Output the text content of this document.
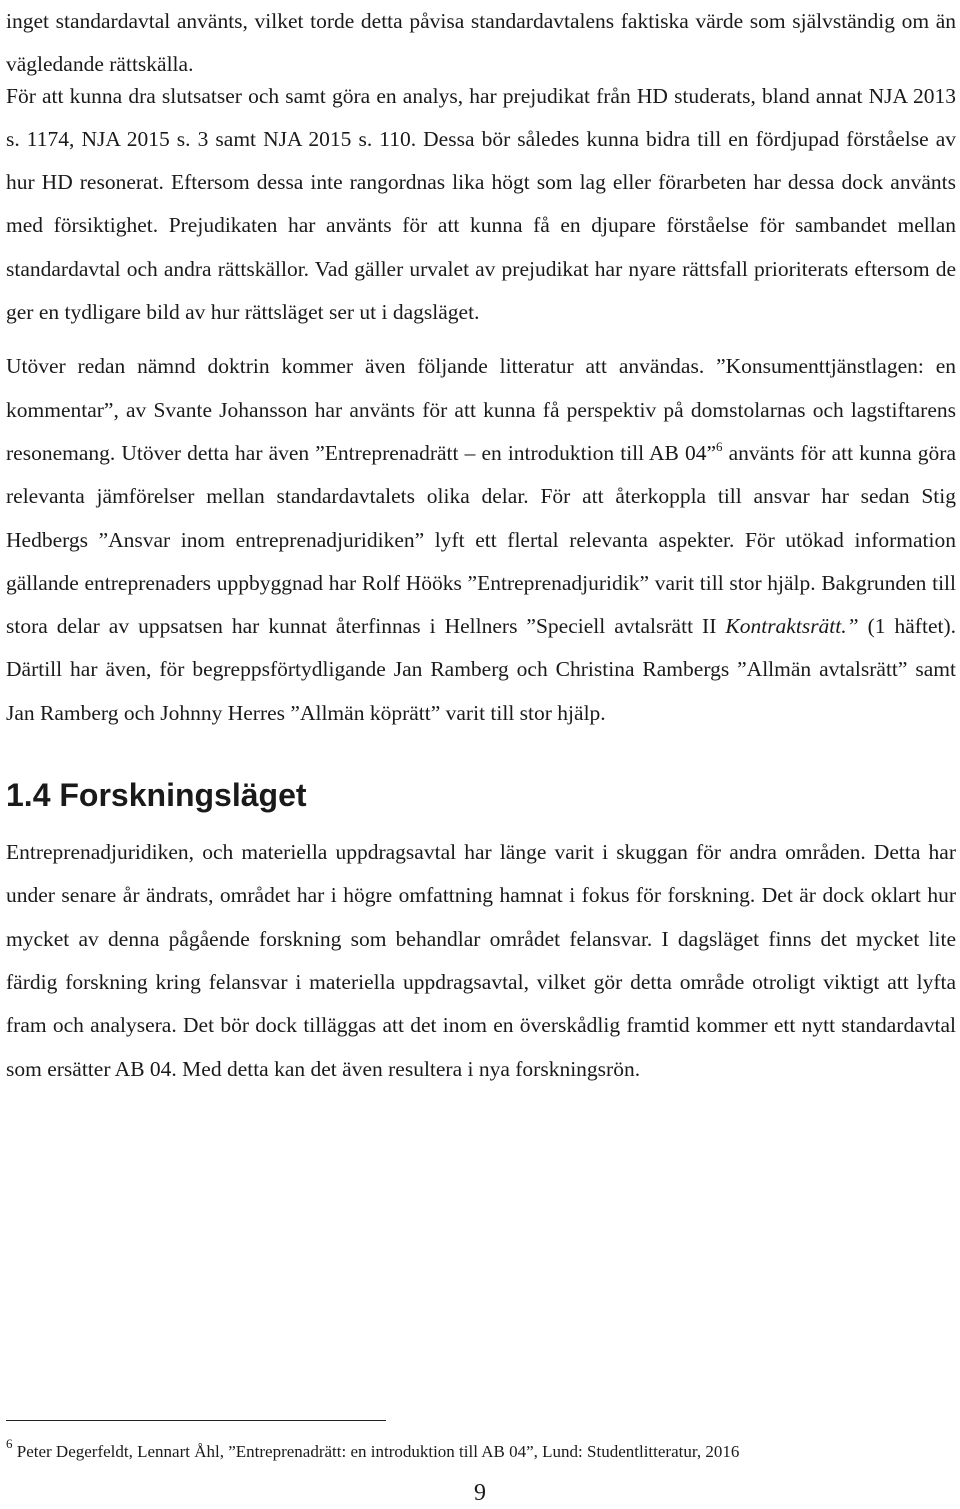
inget standardavtal använts, vilket torde detta påvisa standardavtalens faktiska värde som självständig om än vägledande rättskälla.

För att kunna dra slutsatser och samt göra en analys, har prejudikat från HD studerats, bland annat NJA 2013 s. 1174, NJA 2015 s. 3 samt NJA 2015 s. 110. Dessa bör således kunna bidra till en fördjupad förståelse av hur HD resonerat. Eftersom dessa inte rangordnas lika högt som lag eller förarbeten har dessa dock använts med försiktighet. Prejudikaten har använts för att kunna få en djupare förståelse för sambandet mellan standardavtal och andra rättskällor. Vad gäller urvalet av prejudikat har nyare rättsfall prioriterats eftersom de ger en tydligare bild av hur rättsläget ser ut i dagsläget.

Utöver redan nämnd doktrin kommer även följande litteratur att användas. ”Konsumenttjänstlagen: en kommentar”, av Svante Johansson har använts för att kunna få perspektiv på domstolarnas och lagstiftarens resonemang. Utöver detta har även ”Entreprenadrätt – en introduktion till AB 04”$^6$ använts för att kunna göra relevanta jämförelser mellan standardavtalets olika delar. För att återkoppla till ansvar har sedan Stig Hedbergs ”Ansvar inom entreprenadjuridiken” lyft ett flertal relevanta aspekter. För utökad information gällande entreprenaders uppbyggnad har Rolf Hööks ”Entreprenadjuridik” varit till stor hjälp. Bakgrunden till stora delar av uppsatsen har kunnat återfinnas i Hellners ”Speciell avtalsrätt II Kontraktsrätt.” (1 häftet). Därtill har även, för begreppsförtydligande Jan Ramberg och Christina Rambergs ”Allmän avtalsrätt” samt Jan Ramberg och Johnny Herres ”Allmän köprätt” varit till stor hjälp.

1.4 Forskningsläget

Entreprenadjuridiken, och materiella uppdragsavtal har länge varit i skuggan för andra områden. Detta har under senare år ändrats, området har i högre omfattning hamnat i fokus för forskning. Det är dock oklart hur mycket av denna pågående forskning som behandlar området felansvar. I dagsläget finns det mycket lite färdig forskning kring felansvar i materiella uppdragsavtal, vilket gör detta område otroligt viktigt att lyfta fram och analysera. Det bör dock tilläggas att det inom en överskådlig framtid kommer ett nytt standardavtal som ersätter AB 04. Med detta kan det även resultera i nya forskningsrön.

$^6$ Peter Degerfeldt, Lennart Åhl, ”Entreprenadrätt: en introduktion till AB 04”, Lund: Studentlitteratur, 2016

9
